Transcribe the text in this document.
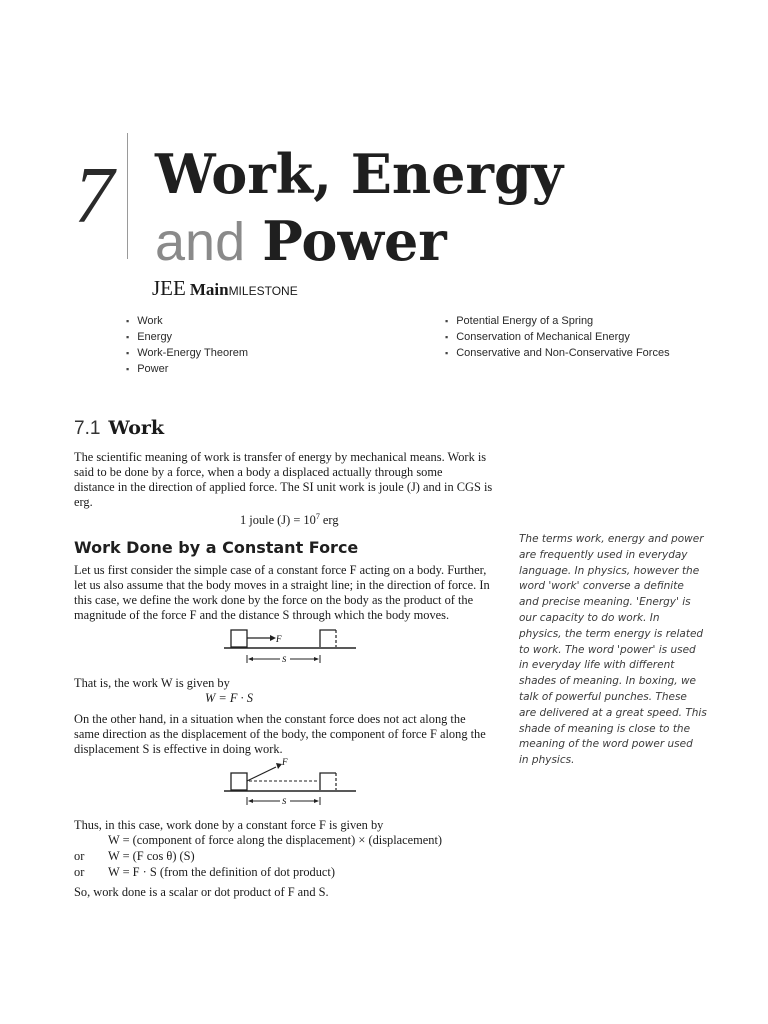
7 Work, Energy
and Power
JEE MainMILESTONE
▪ Work
▪ Energy
▪ Work-Energy Theorem
▪ Power
▪ Potential Energy of a Spring
▪ Conservation of Mechanical Energy
▪ Conservative and Non-Conservative Forces
7.1 Work
The scientific meaning of work is transfer of energy by mechanical means. Work is
said to be done by a force, when a body a displaced actually through some
distance in the direction of applied force. The SI unit work is joule (J) and in CGS is
erg.
1 joule $(J) = 10^7$ erg
Work Done by a Constant Force
Let us first consider the simple case of a constant force F acting on a body. Further,
let us also assume that the body moves in a straight line; in the direction of force. In
this case, we define the work done by the force on the body as the product of the
magnitude of the force F and the distance S through which the body moves.
F
S
That is, the work W is given by
W = F · S
On the other hand, in a situation when the constant force does not act along the
same direction as the displacement of the body, the component of force F along the
displacement S is effective in doing work.
F
S
Thus, in this case, work done by a constant force F is given by
W = (component of force along the displacement) × (displacement)
or W = (F cos θ) (S)
or W = F · S (from the definition of dot product)
So, work done is a scalar or dot product of F and S.
The terms work, energy and power
are frequently used in everyday
language. In physics, however the
word 'work' converse a definite
and precise meaning. 'Energy' is
our capacity to do work. In
physics, the term energy is related
to work. The word 'power' is used
in everyday life with different
shades of meaning. In boxing, we
talk of powerful punches. These
are delivered at a great speed. This
shade of meaning is close to the
meaning of the word power used
in physics.
